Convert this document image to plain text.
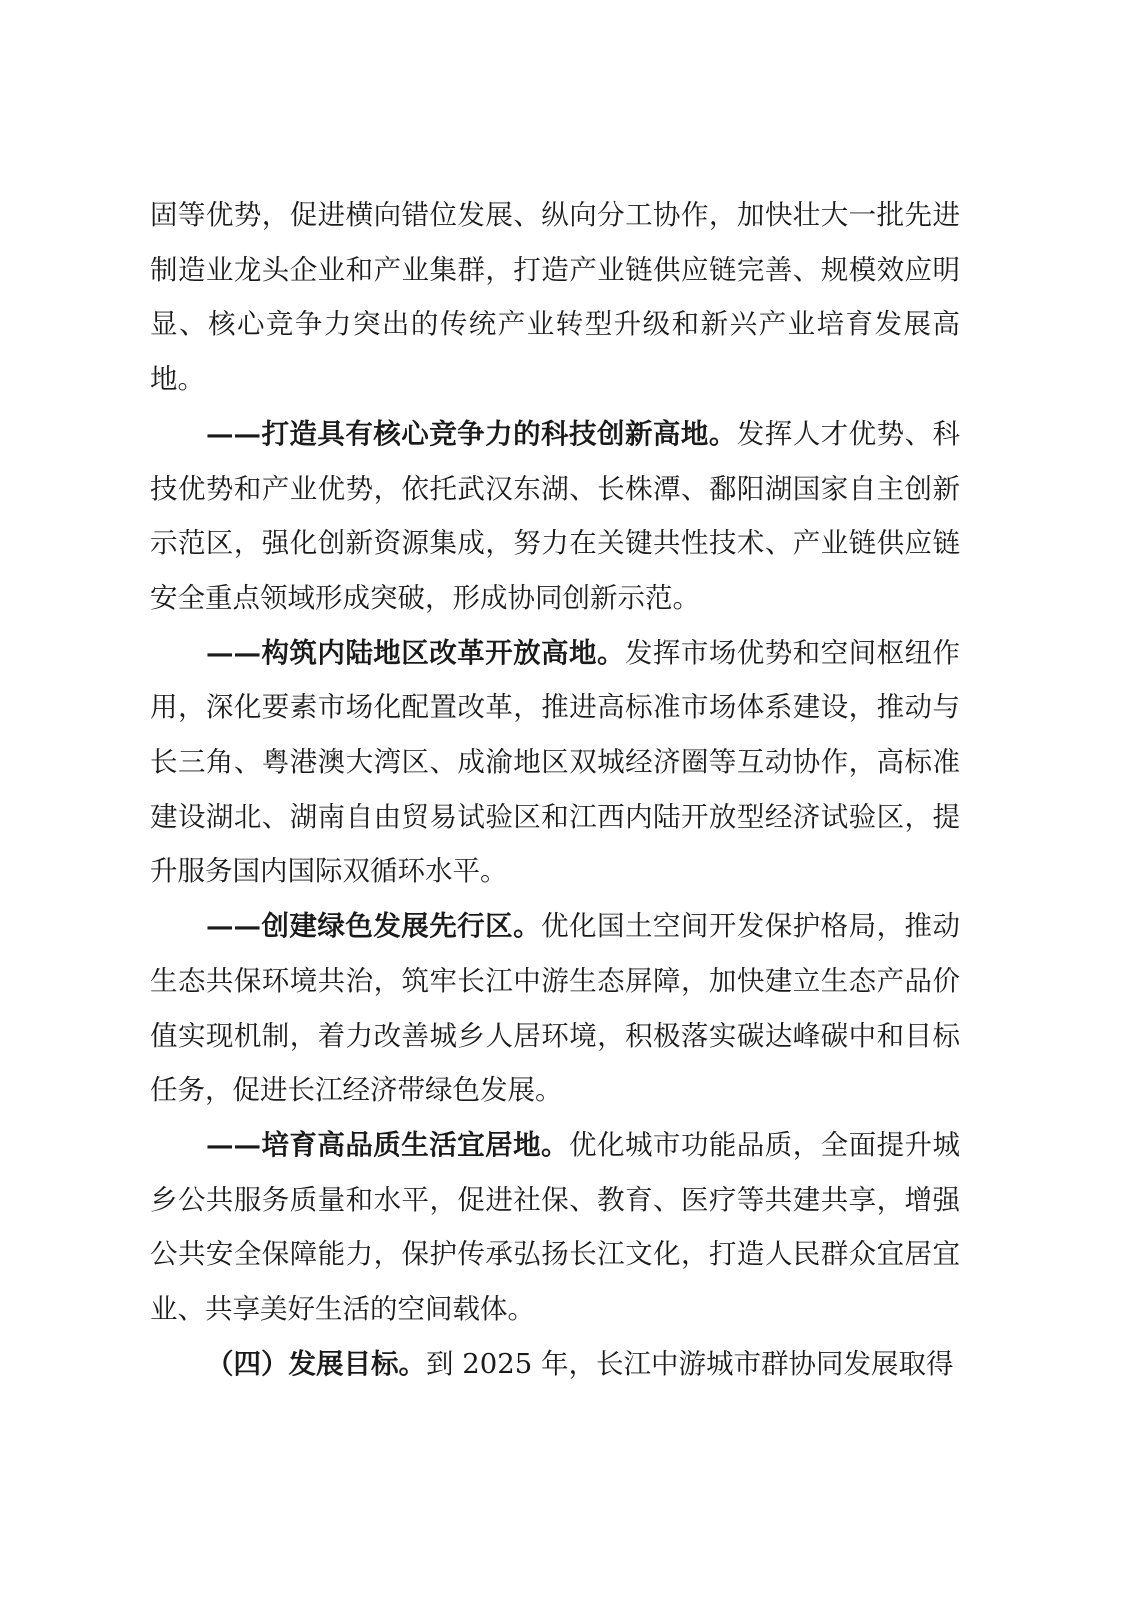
固等优势，促进横向错位发展、纵向分工协作，加快壮大一批先进制造业龙头企业和产业集群，打造产业链供应链完善、规模效应明显、核心竞争力突出的传统产业转型升级和新兴产业培育发展高地。

——打造具有核心竞争力的科技创新高地。发挥人才优势、科技优势和产业优势，依托武汉东湖、长株潭、鄱阳湖国家自主创新示范区，强化创新资源集成，努力在关键共性技术、产业链供应链安全重点领域形成突破，形成协同创新示范。

——构筑内陆地区改革开放高地。发挥市场优势和空间枢纽作用，深化要素市场化配置改革，推进高标准市场体系建设，推动与长三角、粤港澳大湾区、成渝地区双城经济圈等互动协作，高标准建设湖北、湖南自由贸易试验区和江西内陆开放型经济试验区，提升服务国内国际双循环水平。

——创建绿色发展先行区。优化国土空间开发保护格局，推动生态共保环境共治，筑牢长江中游生态屏障，加快建立生态产品价值实现机制，着力改善城乡人居环境，积极落实碳达峰碳中和目标任务，促进长江经济带绿色发展。

——培育高品质生活宜居地。优化城市功能品质，全面提升城乡公共服务质量和水平，促进社保、教育、医疗等共建共享，增强公共安全保障能力，保护传承弘扬长江文化，打造人民群众宜居宜业、共享美好生活的空间载体。

（四）发展目标。到 2025 年，长江中游城市群协同发展取得
